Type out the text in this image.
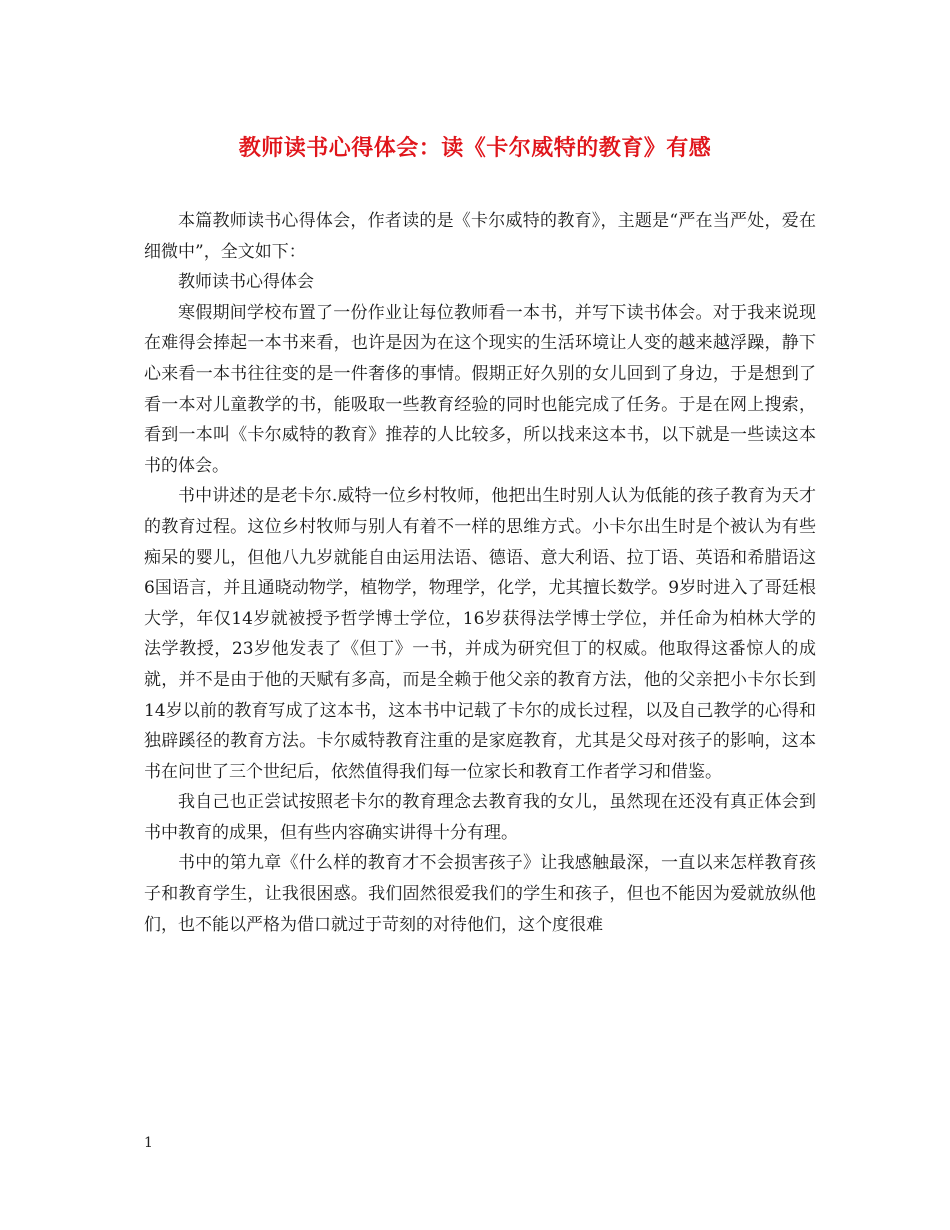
教师读书心得体会：读《卡尔威特的教育》有感

本篇教师读书心得体会，作者读的是《卡尔威特的教育》，主题是“严在当严处，爱在细微中”，全文如下：

教师读书心得体会

寒假期间学校布置了一份作业让每位教师看一本书，并写下读书体会。对于我来说现在难得会捧起一本书来看，也许是因为在这个现实的生活环境让人变的越来越浮躁，静下心来看一本书往往变的是一件奢侈的事情。假期正好久别的女儿回到了身边，于是想到了看一本对儿童教学的书，能吸取一些教育经验的同时也能完成了任务。于是在网上搜索，看到一本叫《卡尔威特的教育》推荐的人比较多，所以找来这本书，以下就是一些读这本书的体会。

书中讲述的是老卡尔.威特一位乡村牧师，他把出生时别人认为低能的孩子教育为天才的教育过程。这位乡村牧师与别人有着不一样的思维方式。小卡尔出生时是个被认为有些痴呆的婴儿，但他八九岁就能自由运用法语、德语、意大利语、拉丁语、英语和希腊语这6国语言，并且通晓动物学，植物学，物理学，化学，尤其擅长数学。9岁时进入了哥廷根大学，年仅14岁就被授予哲学博士学位，16岁获得法学博士学位，并任命为柏林大学的法学教授，23岁他发表了《但丁》一书，并成为研究但丁的权威。他取得这番惊人的成就，并不是由于他的天赋有多高，而是全赖于他父亲的教育方法，他的父亲把小卡尔长到14岁以前的教育写成了这本书，这本书中记载了卡尔的成长过程，以及自己教学的心得和独辟蹊径的教育方法。卡尔威特教育注重的是家庭教育，尤其是父母对孩子的影响，这本书在问世了三个世纪后，依然值得我们每一位家长和教育工作者学习和借鉴。

我自己也正尝试按照老卡尔的教育理念去教育我的女儿，虽然现在还没有真正体会到书中教育的成果，但有些内容确实讲得十分有理。

书中的第九章《什么样的教育才不会损害孩子》让我感触最深，一直以来怎样教育孩子和教育学生，让我很困惑。我们固然很爱我们的学生和孩子，但也不能因为爱就放纵他们，也不能以严格为借口就过于苛刻的对待他们，这个度很难

1
